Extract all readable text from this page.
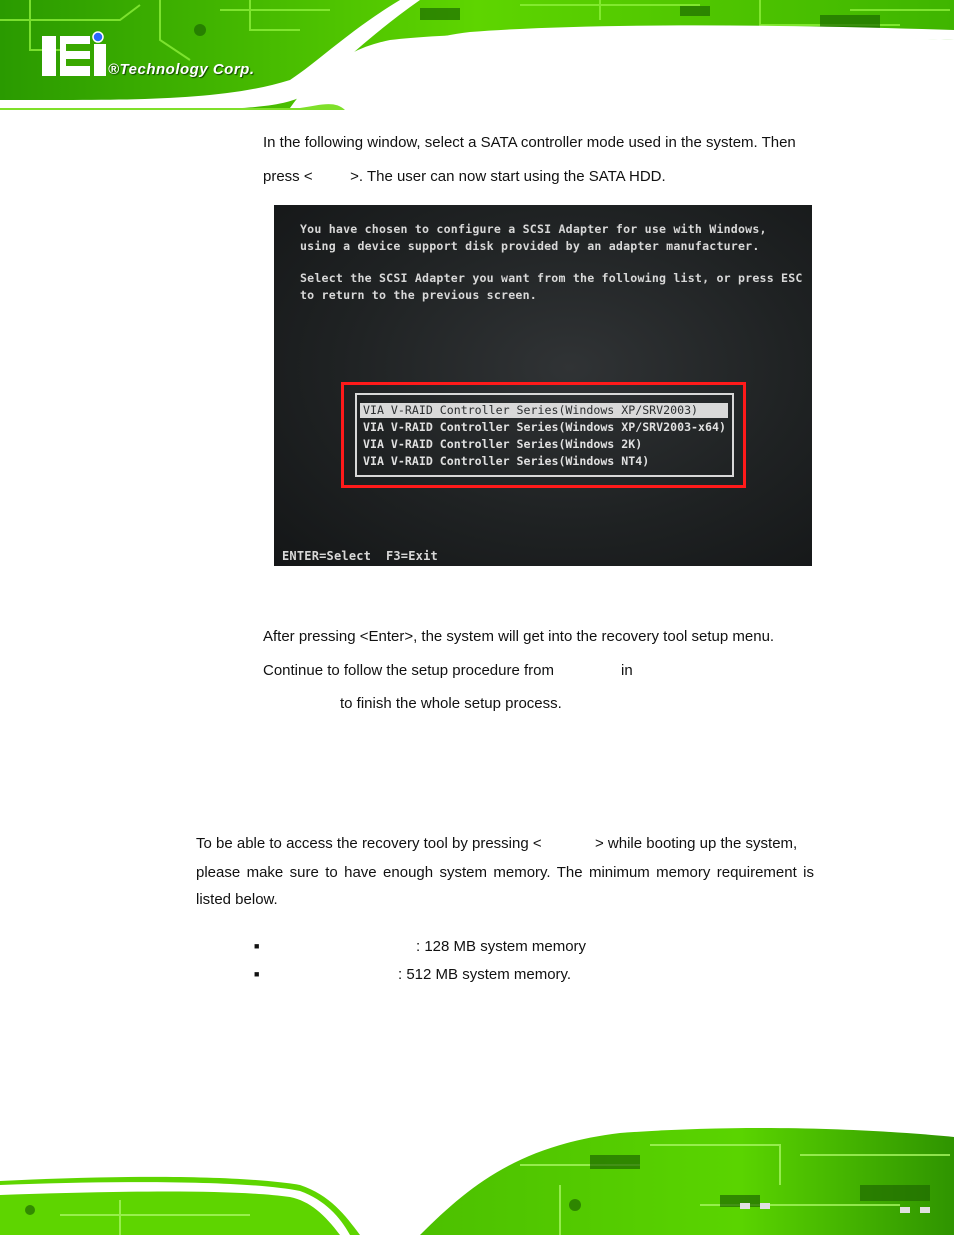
®Technology Corp.
In the following window, select a SATA controller mode used in the system. Then
press <         >. The user can now start using the SATA HDD.
You have chosen to configure a SCSI Adapter for use with Windows,
using a device support disk provided by an adapter manufacturer.
Select the SCSI Adapter you want from the following list, or press ESC
to return to the previous screen.
VIA V-RAID Controller Series(Windows XP/SRV2003)
VIA V-RAID Controller Series(Windows XP/SRV2003-x64)
VIA V-RAID Controller Series(Windows 2K)
VIA V-RAID Controller Series(Windows NT4)
ENTER=Select  F3=Exit
After pressing <Enter>, the system will get into the recovery tool setup menu.
Continue to follow the setup procedure from	in
to finish the whole setup process.
To be able to access the recovery tool by pressing <	> while booting up the system,
please make sure to have enough system memory. The minimum memory requirement is
listed below.
■	: 128 MB system memory
■	: 512 MB system memory.
